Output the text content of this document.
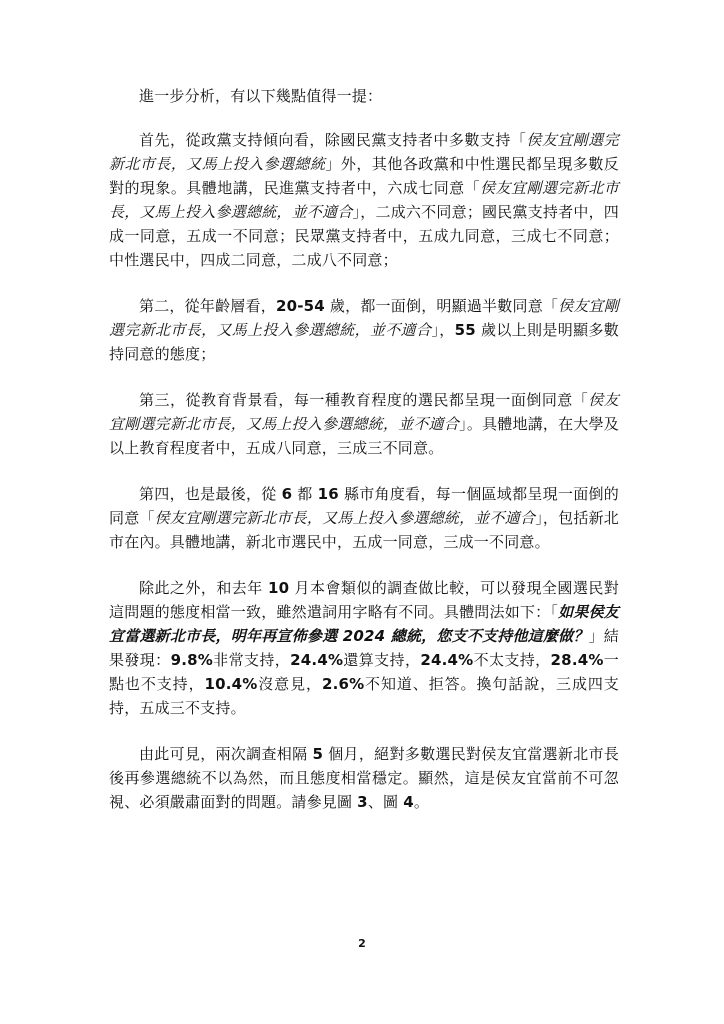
進一步分析，有以下幾點值得一提：

首先，從政黨支持傾向看，除國民黨支持者中多數支持「侯友宜剛選完新北市長，又馬上投入參選總統」外，其他各政黨和中性選民都呈現多數反對的現象。具體地講，民進黨支持者中，六成七同意「侯友宜剛選完新北市長，又馬上投入參選總統，並不適合」，二成六不同意；國民黨支持者中，四成一同意，五成一不同意；民眾黨支持者中，五成九同意，三成七不同意；中性選民中，四成二同意，二成八不同意；

第二，從年齡層看，20-54 歲，都一面倒，明顯過半數同意「侯友宜剛選完新北市長，又馬上投入參選總統，並不適合」，55 歲以上則是明顯多數持同意的態度；

第三，從教育背景看，每一種教育程度的選民都呈現一面倒同意「侯友宜剛選完新北市長，又馬上投入參選總統，並不適合」。具體地講，在大學及以上教育程度者中，五成八同意，三成三不同意。

第四，也是最後，從 6 都 16 縣市角度看，每一個區域都呈現一面倒的同意「侯友宜剛選完新北市長，又馬上投入參選總統，並不適合」，包括新北市在內。具體地講，新北市選民中，五成一同意，三成一不同意。

除此之外，和去年 10 月本會類似的調查做比較，可以發現全國選民對這問題的態度相當一致，雖然遣詞用字略有不同。具體問法如下：「如果侯友宜當選新北市長，明年再宣佈參選 2024 總統，您支不支持他這麼做？」結果發現：9.8%非常支持，24.4%還算支持，24.4%不太支持，28.4%一點也不支持，10.4%沒意見，2.6%不知道、拒答。換句話說，三成四支持，五成三不支持。

由此可見，兩次調查相隔 5 個月，絕對多數選民對侯友宜當選新北市長後再參選總統不以為然，而且態度相當穩定。顯然，這是侯友宜當前不可忽視、必須嚴肅面對的問題。請參見圖 3、圖 4。

2
